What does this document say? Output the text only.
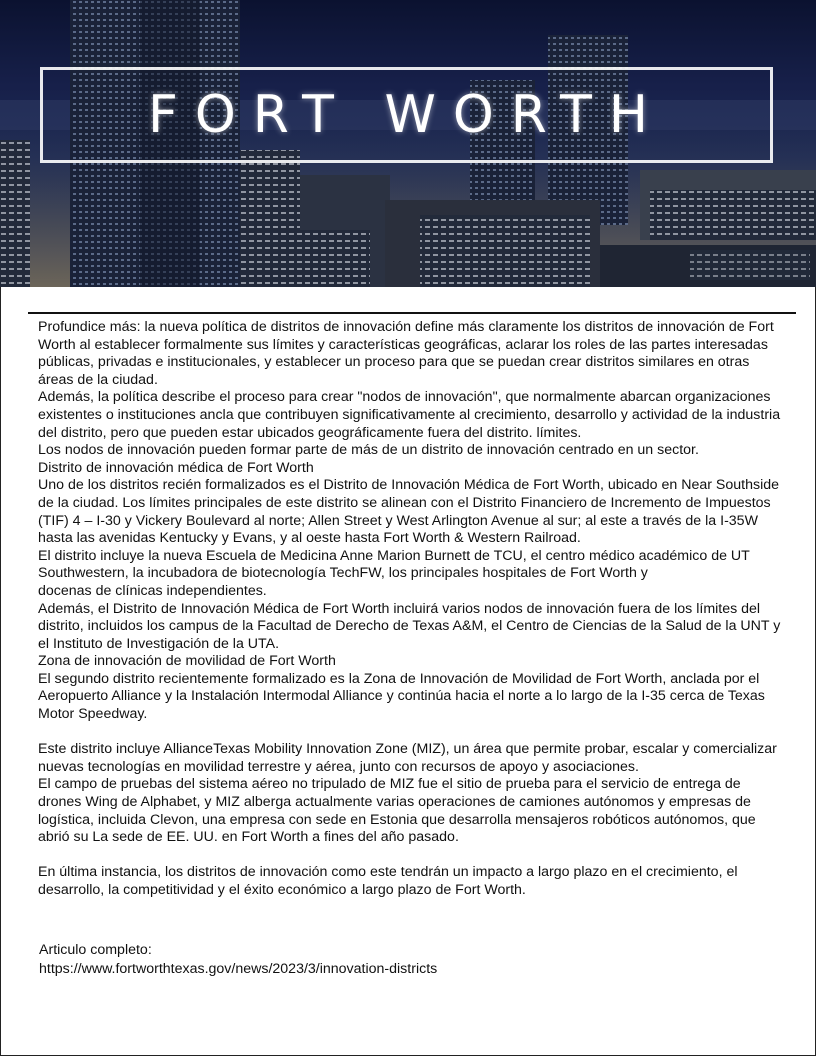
FORT WORTH

Profundice más: la nueva política de distritos de innovación define más claramente los distritos de innovación de Fort Worth al establecer formalmente sus límites y características geográficas, aclarar los roles de las partes interesadas públicas, privadas e institucionales, y establecer un proceso para que se puedan crear distritos similares en otras áreas de la ciudad.

Además, la política describe el proceso para crear "nodos de innovación", que normalmente abarcan organizaciones existentes o instituciones ancla que contribuyen significativamente al crecimiento, desarrollo y actividad de la industria del distrito, pero que pueden estar ubicados geográficamente fuera del distrito. límites.

Los nodos de innovación pueden formar parte de más de un distrito de innovación centrado en un sector.

Distrito de innovación médica de Fort Worth

Uno de los distritos recién formalizados es el Distrito de Innovación Médica de Fort Worth, ubicado en Near Southside de la ciudad. Los límites principales de este distrito se alinean con el Distrito Financiero de Incremento de Impuestos (TIF) 4 – I-30 y Vickery Boulevard al norte; Allen Street y West Arlington Avenue al sur; al este a través de la I-35W hasta las avenidas Kentucky y Evans, y al oeste hasta Fort Worth & Western Railroad.

El distrito incluye la nueva Escuela de Medicina Anne Marion Burnett de TCU, el centro médico académico de UT Southwestern, la incubadora de biotecnología TechFW, los principales hospitales de Fort Worth y

docenas de clínicas independientes.

Además, el Distrito de Innovación Médica de Fort Worth incluirá varios nodos de innovación fuera de los límites del distrito, incluidos los campus de la Facultad de Derecho de Texas A&M, el Centro de Ciencias de la Salud de la UNT y el Instituto de Investigación de la UTA.

Zona de innovación de movilidad de Fort Worth

El segundo distrito recientemente formalizado es la Zona de Innovación de Movilidad de Fort Worth, anclada por el Aeropuerto Alliance y la Instalación Intermodal Alliance y continúa hacia el norte a lo largo de la I-35 cerca de Texas Motor Speedway.

Este distrito incluye AllianceTexas Mobility Innovation Zone (MIZ), un área que permite probar, escalar y comercializar nuevas tecnologías en movilidad terrestre y aérea, junto con recursos de apoyo y asociaciones.

El campo de pruebas del sistema aéreo no tripulado de MIZ fue el sitio de prueba para el servicio de entrega de drones Wing de Alphabet, y MIZ alberga actualmente varias operaciones de camiones autónomos y empresas de logística, incluida Clevon, una empresa con sede en Estonia que desarrolla mensajeros robóticos autónomos, que abrió su La sede de EE. UU. en Fort Worth a fines del año pasado.

En última instancia, los distritos de innovación como este tendrán un impacto a largo plazo en el crecimiento, el desarrollo, la competitividad y el éxito económico a largo plazo de Fort Worth.

Articulo completo:
https://www.fortworthtexas.gov/news/2023/3/innovation-districts
